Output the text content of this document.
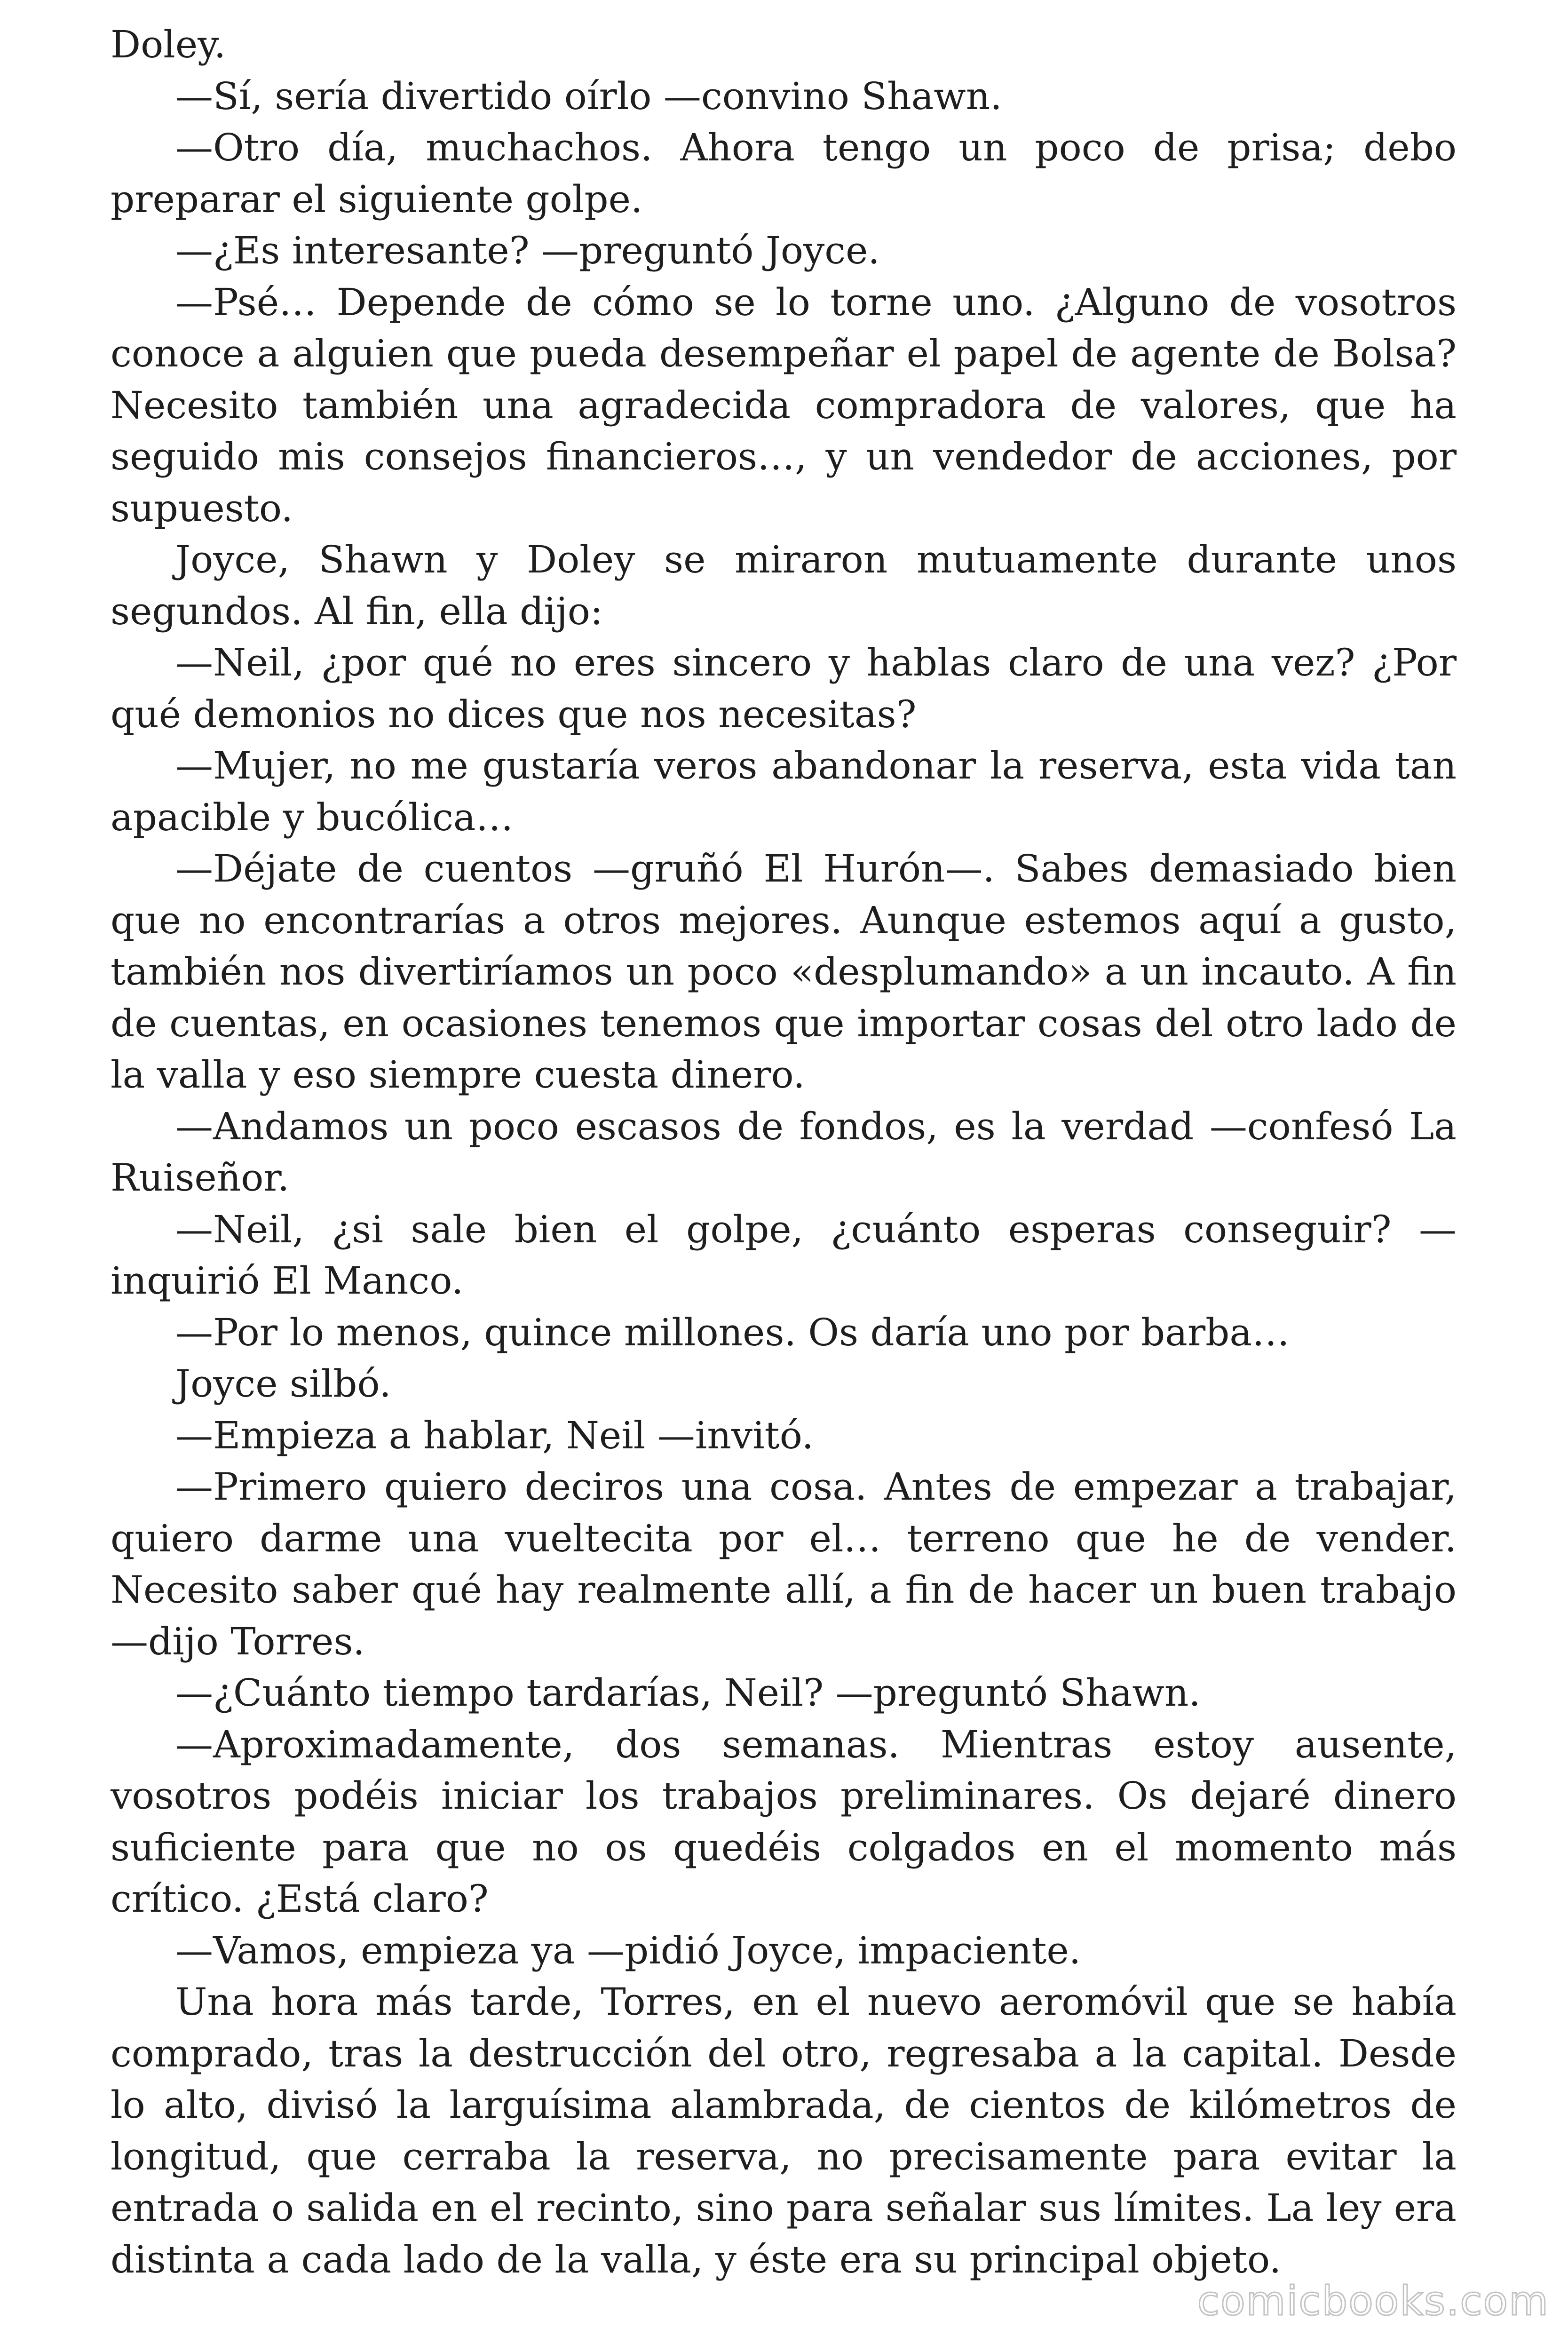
Doley.

—Sí, sería divertido oírlo —convino Shawn.

—Otro día, muchachos. Ahora tengo un poco de prisa; debo preparar el siguiente golpe.

—¿Es interesante? —preguntó Joyce.

—Psé… Depende de cómo se lo torne uno. ¿Alguno de vosotros conoce a alguien que pueda desempeñar el papel de agente de Bolsa? Necesito también una agradecida compradora de valores, que ha seguido mis consejos financieros…, y un vendedor de acciones, por supuesto.

Joyce, Shawn y Doley se miraron mutuamente durante unos segundos. Al fin, ella dijo:

—Neil, ¿por qué no eres sincero y hablas claro de una vez? ¿Por qué demonios no dices que nos necesitas?

—Mujer, no me gustaría veros abandonar la reserva, esta vida tan apacible y bucólica…

—Déjate de cuentos —gruñó El Hurón—. Sabes demasiado bien que no encontrarías a otros mejores. Aunque estemos aquí a gusto, también nos divertiríamos un poco «desplumando» a un incauto. A fin de cuentas, en ocasiones tenemos que importar cosas del otro lado de la valla y eso siempre cuesta dinero.

—Andamos un poco escasos de fondos, es la verdad —confesó La Ruiseñor.

—Neil, ¿si sale bien el golpe, ¿cuánto esperas conseguir? — inquirió El Manco.

—Por lo menos, quince millones. Os daría uno por barba…

Joyce silbó.

—Empieza a hablar, Neil —invitó.

—Primero quiero deciros una cosa. Antes de empezar a trabajar, quiero darme una vueltecita por el… terreno que he de vender. Necesito saber qué hay realmente allí, a fin de hacer un buen trabajo —dijo Torres.

—¿Cuánto tiempo tardarías, Neil? —preguntó Shawn.

—Aproximadamente, dos semanas. Mientras estoy ausente, vosotros podéis iniciar los trabajos preliminares. Os dejaré dinero suficiente para que no os quedéis colgados en el momento más crítico. ¿Está claro?

—Vamos, empieza ya —pidió Joyce, impaciente.

Una hora más tarde, Torres, en el nuevo aeromóvil que se había comprado, tras la destrucción del otro, regresaba a la capital. Desde lo alto, divisó la larguísima alambrada, de cientos de kilómetros de longitud, que cerraba la reserva, no precisamente para evitar la entrada o salida en el recinto, sino para señalar sus límites. La ley era distinta a cada lado de la valla, y éste era su principal objeto.

comicbooks.com
